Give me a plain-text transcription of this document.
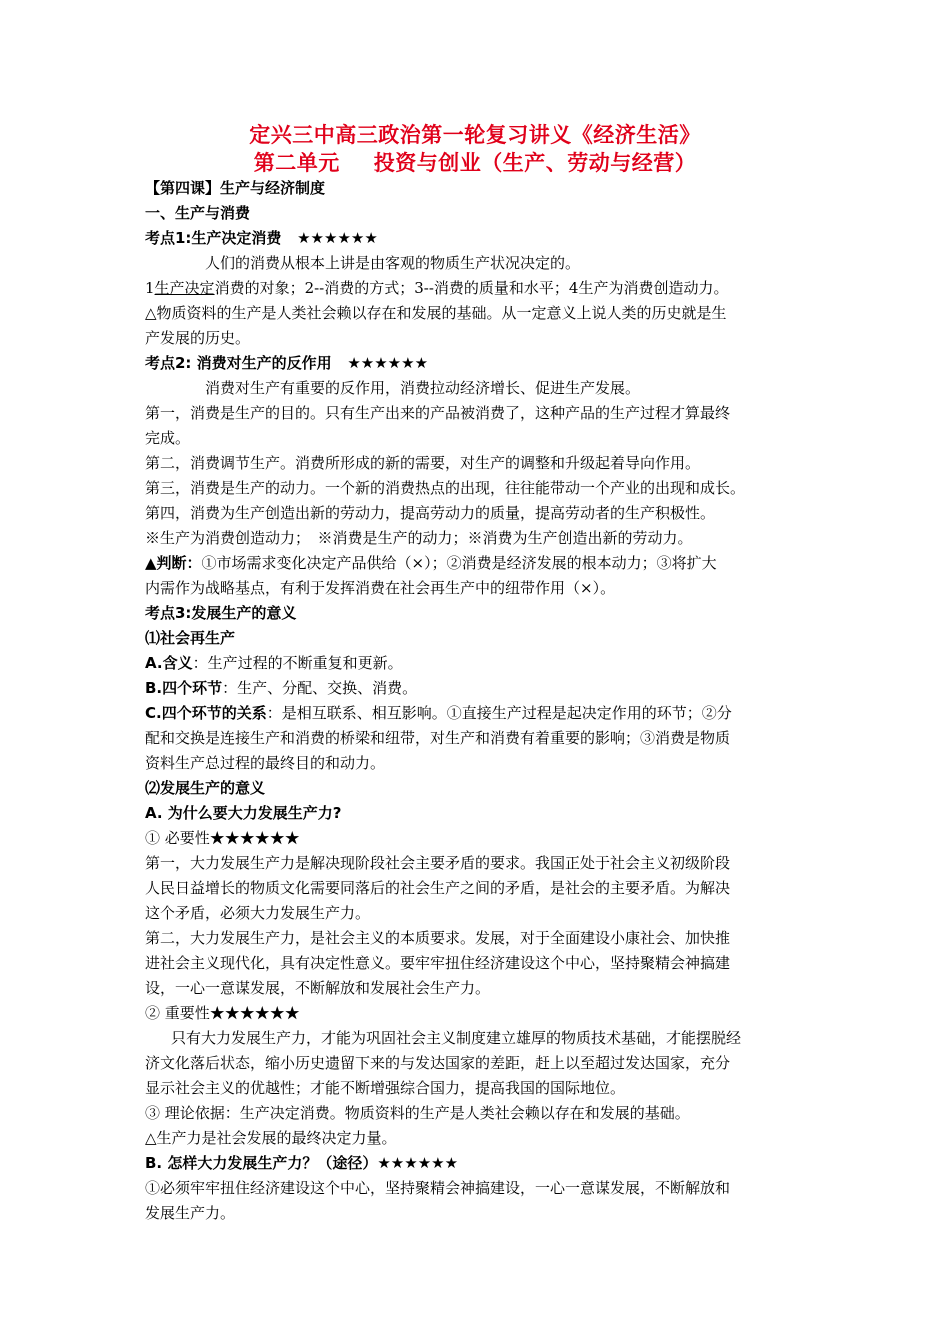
定兴三中高三政治第一轮复习讲义《经济生活》
第二单元 投资与创业（生产、劳动与经营）
【第四课】生产与经济制度
一、生产与消费
考点1:生产决定消费 ★★★★★★
人们的消费从根本上讲是由客观的物质生产状况决定的。
1生产决定消费的对象；2--消费的方式；3--消费的质量和水平；4生产为消费创造动力。
△物质资料的生产是人类社会赖以存在和发展的基础。从一定意义上说人类的历史就是生
产发展的历史。
考点2: 消费对生产的反作用 ★★★★★★
消费对生产有重要的反作用，消费拉动经济增长、促进生产发展。
第一，消费是生产的目的。只有生产出来的产品被消费了，这种产品的生产过程才算最终
完成。
第二，消费调节生产。消费所形成的新的需要，对生产的调整和升级起着导向作用。
第三，消费是生产的动力。一个新的消费热点的出现，往往能带动一个产业的出现和成长。
第四，消费为生产创造出新的劳动力，提高劳动力的质量，提高劳动者的生产积极性。
※生产为消费创造动力；　※消费是生产的动力；※消费为生产创造出新的劳动力。
▲判断：①市场需求变化决定产品供给（×）；②消费是经济发展的根本动力；③将扩大
内需作为战略基点，有利于发挥消费在社会再生产中的纽带作用（×）。
考点3:发展生产的意义
⑴社会再生产
A.含义：生产过程的不断重复和更新。
B.四个环节：生产、分配、交换、消费。
C.四个环节的关系：是相互联系、相互影响。①直接生产过程是起决定作用的环节；②分
配和交换是连接生产和消费的桥梁和纽带，对生产和消费有着重要的影响；③消费是物质
资料生产总过程的最终目的和动力。
⑵发展生产的意义
A. 为什么要大力发展生产力?
① 必要性★★★★★★
第一，大力发展生产力是解决现阶段社会主要矛盾的要求。我国正处于社会主义初级阶段
人民日益增长的物质文化需要同落后的社会生产之间的矛盾，是社会的主要矛盾。为解决
这个矛盾，必须大力发展生产力。
第二，大力发展生产力，是社会主义的本质要求。发展，对于全面建设小康社会、加快推
进社会主义现代化，具有决定性意义。要牢牢扭住经济建设这个中心，坚持聚精会神搞建
设，一心一意谋发展，不断解放和发展社会生产力。
② 重要性★★★★★★
只有大力发展生产力，才能为巩固社会主义制度建立雄厚的物质技术基础，才能摆脱经
济文化落后状态，缩小历史遗留下来的与发达国家的差距，赶上以至超过发达国家，充分
显示社会主义的优越性；才能不断增强综合国力，提高我国的国际地位。
③ 理论依据：生产决定消费。物质资料的生产是人类社会赖以存在和发展的基础。
△生产力是社会发展的最终决定力量。
B. 怎样大力发展生产力？（途径）★★★★★★
①必须牢牢扭住经济建设这个中心，坚持聚精会神搞建设，一心一意谋发展，不断解放和
发展生产力。
